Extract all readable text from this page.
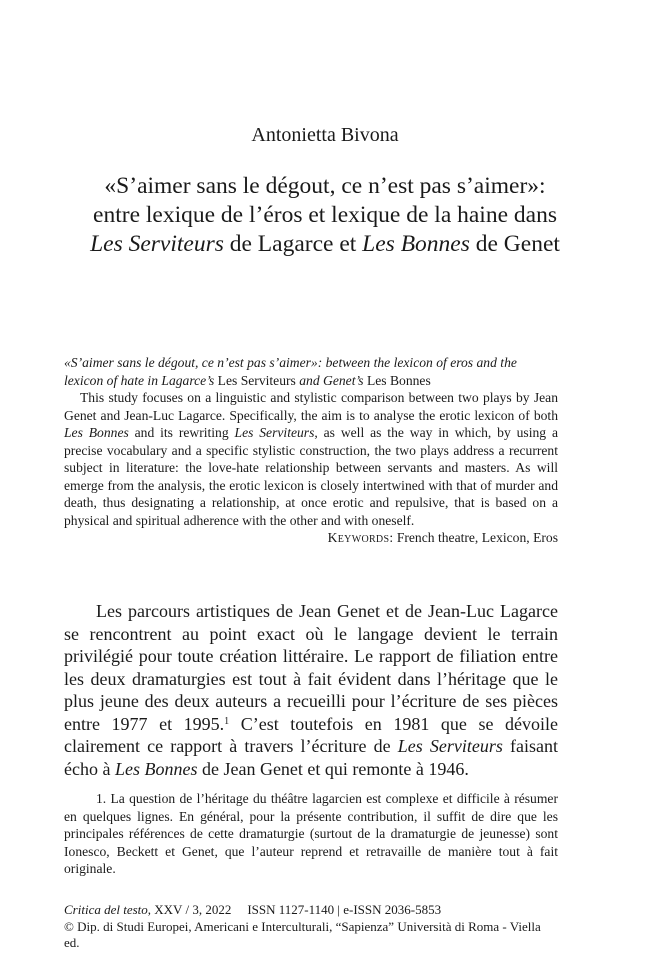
Antonietta Bivona
«S’aimer sans le dégout, ce n’est pas s’aimer»:
entre lexique de l’éros et lexique de la haine dans
Les Serviteurs de Lagarce et Les Bonnes de Genet
«S’aimer sans le dégout, ce n’est pas s’aimer»: between the lexicon of eros and the lexicon of hate in Lagarce’s Les Serviteurs and Genet’s Les Bonnes
This study focuses on a linguistic and stylistic comparison between two plays by Jean Genet and Jean-Luc Lagarce. Specifically, the aim is to analyse the erotic lexicon of both Les Bonnes and its rewriting Les Serviteurs, as well as the way in which, by using a precise vocabulary and a specific stylistic construction, the two plays address a recurrent subject in literature: the love-hate relationship between servants and masters. As will emerge from the analysis, the erotic lexicon is closely intertwined with that of murder and death, thus designating a relationship, at once erotic and repulsive, that is based on a physical and spiritual adherence with the other and with oneself.
Keywords: French theatre, Lexicon, Eros

Les parcours artistiques de Jean Genet et de Jean-Luc Lagarce se rencontrent au point exact où le langage devient le terrain privilégié pour toute création littéraire. Le rapport de filiation entre les deux dramaturgies est tout à fait évident dans l’héritage que le plus jeune des deux auteurs a recueilli pour l’écriture de ses pièces entre 1977 et 1995.$^1$ C’est toutefois en 1981 que se dévoile clairement ce rapport à travers l’écriture de Les Serviteurs faisant écho à Les Bonnes de Jean Genet et qui remonte à 1946.

1. La question de l’héritage du théâtre lagarcien est complexe et difficile à résumer en quelques lignes. En général, pour la présente contribution, il suffit de dire que les principales références de cette dramaturgie (surtout de la dramaturgie de jeunesse) sont Ionesco, Beckett et Genet, que l’auteur reprend et retravaille de manière tout à fait originale.

Critica del testo, XXV / 3, 2022 ISSN 1127-1140 | e-ISSN 2036-5853
© Dip. di Studi Europei, Americani e Interculturali, “Sapienza” Università di Roma - Viella ed.
